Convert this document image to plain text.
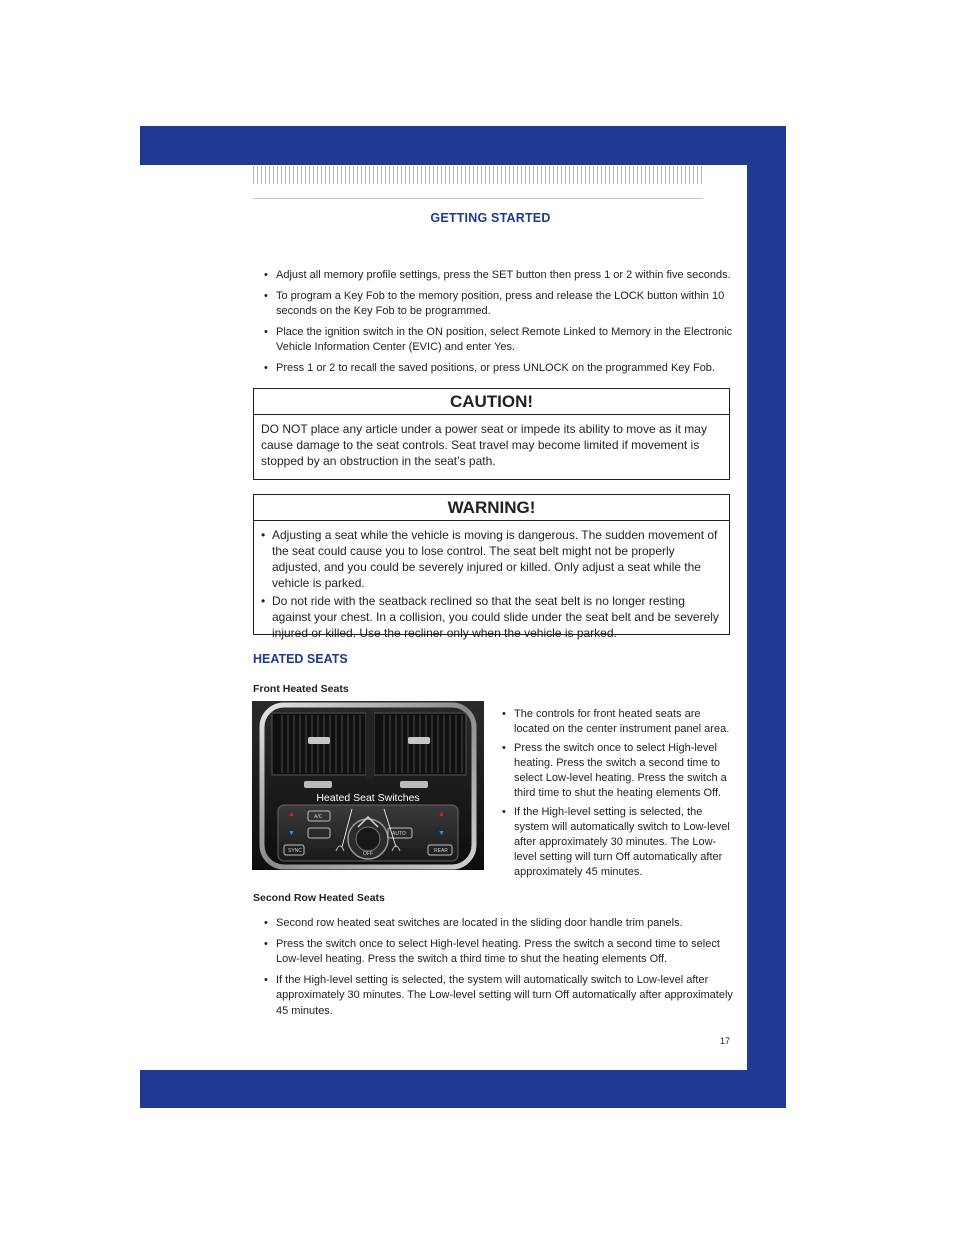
GETTING STARTED
• Adjust all memory profile settings, press the SET button then press 1 or 2 within five seconds.
• To program a Key Fob to the memory position, press and release the LOCK button within 10 seconds on the Key Fob to be programmed.
• Place the ignition switch in the ON position, select Remote Linked to Memory in the Electronic Vehicle Information Center (EVIC) and enter Yes.
• Press 1 or 2 to recall the saved positions, or press UNLOCK on the programmed Key Fob.
CAUTION!
DO NOT place any article under a power seat or impede its ability to move as it may cause damage to the seat controls. Seat travel may become limited if movement is stopped by an obstruction in the seat’s path.
WARNING!
• Adjusting a seat while the vehicle is moving is dangerous. The sudden movement of the seat could cause you to lose control. The seat belt might not be properly adjusted, and you could be severely injured or killed. Only adjust a seat while the vehicle is parked.
• Do not ride with the seatback reclined so that the seat belt is no longer resting against your chest. In a collision, you could slide under the seat belt and be severely injured or killed. Use the recliner only when the vehicle is parked.
HEATED SEATS
Front Heated Seats
Heated Seat Switches
▲	▲
▼	▼
A/C
AUTO
SYNC	REAR
OFF
• The controls for front heated seats are located on the center instrument panel area.
• Press the switch once to select High-level heating. Press the switch a second time to select Low-level heating. Press the switch a third time to shut the heating elements Off.
• If the High-level setting is selected, the system will automatically switch to Low-level after approximately 30 minutes. The Low-level setting will turn Off automatically after approximately 45 minutes.
Second Row Heated Seats
• Second row heated seat switches are located in the sliding door handle trim panels.
• Press the switch once to select High-level heating. Press the switch a second time to select Low-level heating. Press the switch a third time to shut the heating elements Off.
• If the High-level setting is selected, the system will automatically switch to Low-level after approximately 30 minutes. The Low-level setting will turn Off automatically after approximately 45 minutes.
17
